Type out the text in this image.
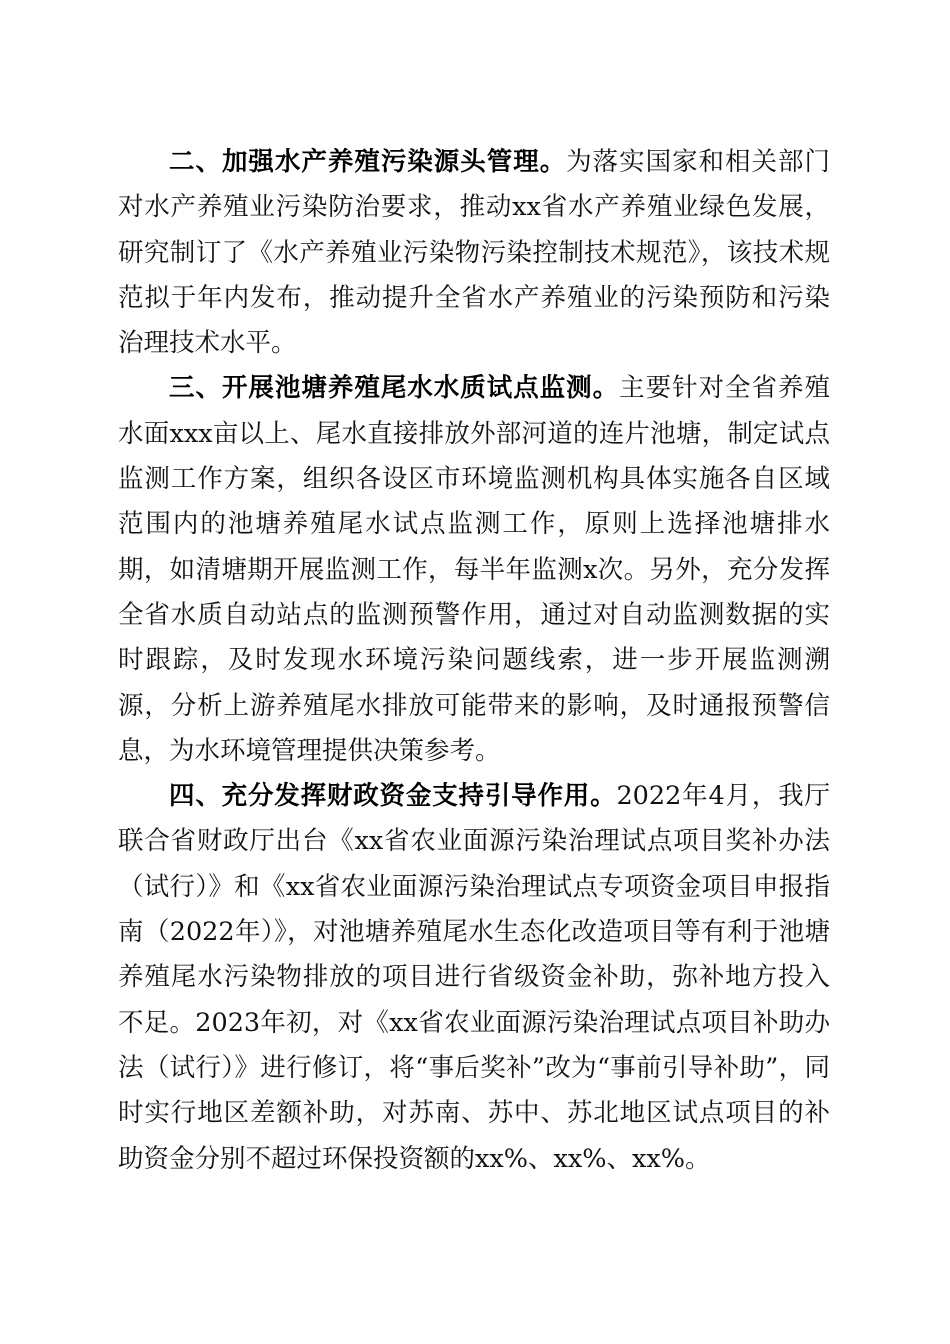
二、加强水产养殖污染源头管理。为落实国家和相关部门对水产养殖业污染防治要求，推动xx省水产养殖业绿色发展，研究制订了《水产养殖业污染物污染控制技术规范》，该技术规范拟于年内发布，推动提升全省水产养殖业的污染预防和污染治理技术水平。

三、开展池塘养殖尾水水质试点监测。主要针对全省养殖水面xxx亩以上、尾水直接排放外部河道的连片池塘，制定试点监测工作方案，组织各设区市环境监测机构具体实施各自区域范围内的池塘养殖尾水试点监测工作，原则上选择池塘排水期，如清塘期开展监测工作，每半年监测x次。另外，充分发挥全省水质自动站点的监测预警作用，通过对自动监测数据的实时跟踪，及时发现水环境污染问题线索，进一步开展监测溯源，分析上游养殖尾水排放可能带来的影响，及时通报预警信息，为水环境管理提供决策参考。

四、充分发挥财政资金支持引导作用。2022年4月，我厅联合省财政厅出台《xx省农业面源污染治理试点项目奖补办法（试行）》和《xx省农业面源污染治理试点专项资金项目申报指南（2022年）》，对池塘养殖尾水生态化改造项目等有利于池塘养殖尾水污染物排放的项目进行省级资金补助，弥补地方投入不足。2023年初，对《xx省农业面源污染治理试点项目补助办法（试行）》进行修订，将“事后奖补”改为“事前引导补助”，同时实行地区差额补助，对苏南、苏中、苏北地区试点项目的补助资金分别不超过环保投资额的xx%、xx%、xx%。
